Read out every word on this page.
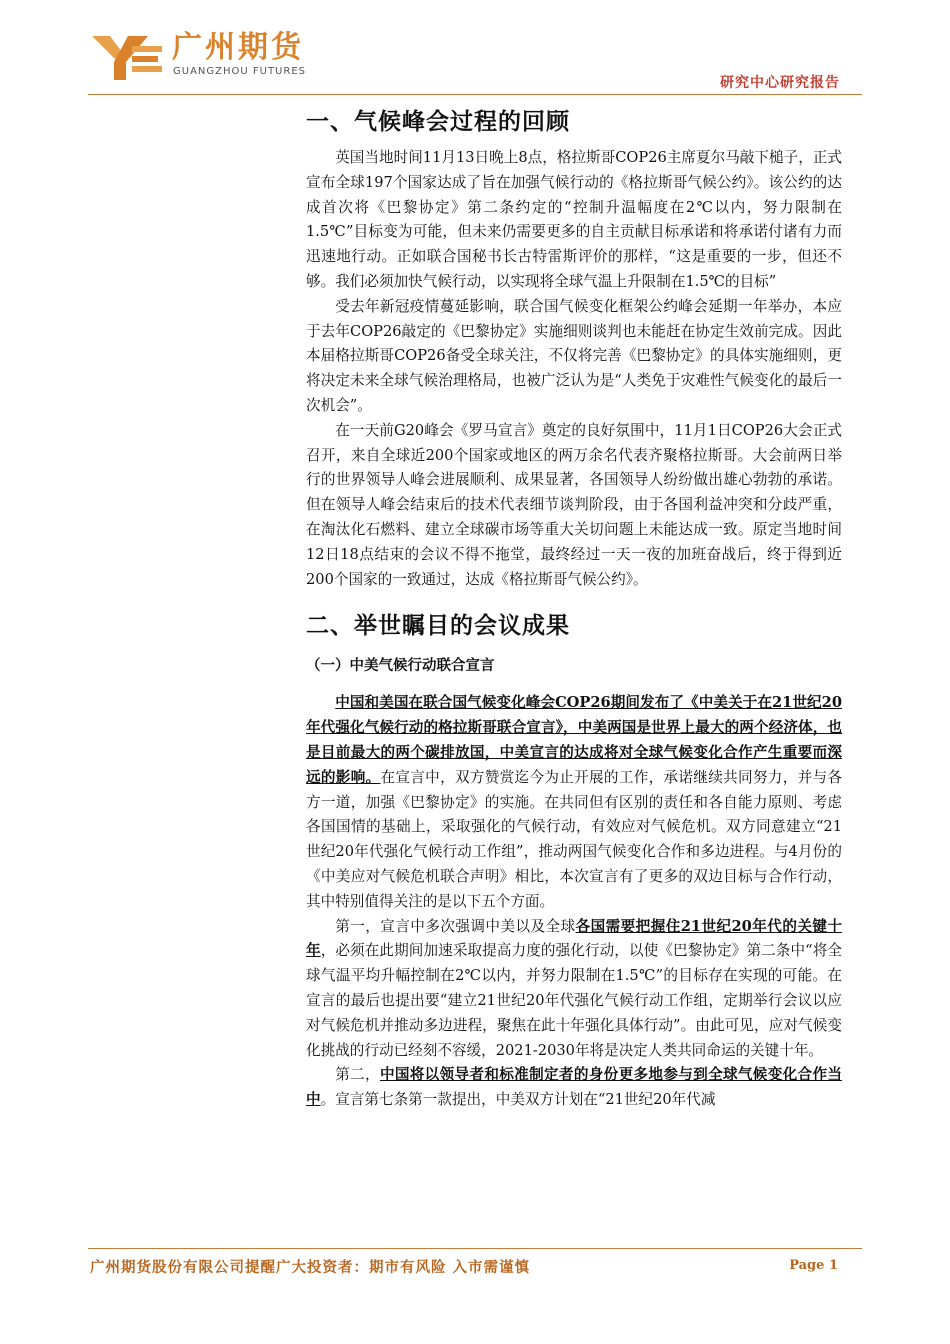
广州期货
GUANGZHOU FUTURES
研究中心研究报告
一、气候峰会过程的回顾

英国当地时间11月13日晚上8点，格拉斯哥COP26主席夏尔马敲下槌子，正式宣布全球197个国家达成了旨在加强气候行动的《格拉斯哥气候公约》。该公约的达成首次将《巴黎协定》第二条约定的“控制升温幅度在2℃以内，努力限制在1.5℃”目标变为可能，但未来仍需要更多的自主贡献目标承诺和将承诺付诸有力而迅速地行动。正如联合国秘书长古特雷斯评价的那样，“这是重要的一步，但还不够。我们必须加快气候行动，以实现将全球气温上升限制在1.5℃的目标”

受去年新冠疫情蔓延影响，联合国气候变化框架公约峰会延期一年举办，本应于去年COP26敲定的《巴黎协定》实施细则谈判也未能赶在协定生效前完成。因此本届格拉斯哥COP26备受全球关注，不仅将完善《巴黎协定》的具体实施细则，更将决定未来全球气候治理格局，也被广泛认为是“人类免于灾难性气候变化的最后一次机会”。

在一天前G20峰会《罗马宣言》奠定的良好氛围中，11月1日COP26大会正式召开，来自全球近200个国家或地区的两万余名代表齐聚格拉斯哥。大会前两日举行的世界领导人峰会进展顺利、成果显著，各国领导人纷纷做出雄心勃勃的承诺。但在领导人峰会结束后的技术代表细节谈判阶段，由于各国利益冲突和分歧严重，在淘汰化石燃料、建立全球碳市场等重大关切问题上未能达成一致。原定当地时间12日18点结束的会议不得不拖堂，最终经过一天一夜的加班奋战后，终于得到近200个国家的一致通过，达成《格拉斯哥气候公约》。

二、举世瞩目的会议成果
（一）中美气候行动联合宣言

中国和美国在联合国气候变化峰会COP26期间发布了《中美关于在21世纪20年代强化气候行动的格拉斯哥联合宣言》，中美两国是世界上最大的两个经济体，也是目前最大的两个碳排放国，中美宣言的达成将对全球气候变化合作产生重要而深远的影响。在宣言中，双方赞赏迄今为止开展的工作，承诺继续共同努力，并与各方一道，加强《巴黎协定》的实施。在共同但有区别的责任和各自能力原则、考虑各国国情的基础上，采取强化的气候行动，有效应对气候危机。双方同意建立“21世纪20年代强化气候行动工作组”，推动两国气候变化合作和多边进程。与4月份的《中美应对气候危机联合声明》相比，本次宣言有了更多的双边目标与合作行动，其中特别值得关注的是以下五个方面。

第一，宣言中多次强调中美以及全球各国需要把握住21世纪20年代的关键十年，必须在此期间加速采取提高力度的强化行动，以使《巴黎协定》第二条中“将全球气温平均升幅控制在2℃以内，并努力限制在1.5℃”的目标存在实现的可能。在宣言的最后也提出要“建立21世纪20年代强化气候行动工作组，定期举行会议以应对气候危机并推动多边进程，聚焦在此十年强化具体行动”。由此可见，应对气候变化挑战的行动已经刻不容缓，2021-2030年将是决定人类共同命运的关键十年。

第二，中国将以领导者和标准制定者的身份更多地参与到全球气候变化合作当中。宣言第七条第一款提出，中美双方计划在“21世纪20年代减

广州期货股份有限公司提醒广大投资者：期市有风险 入市需谨慎	Page 1
